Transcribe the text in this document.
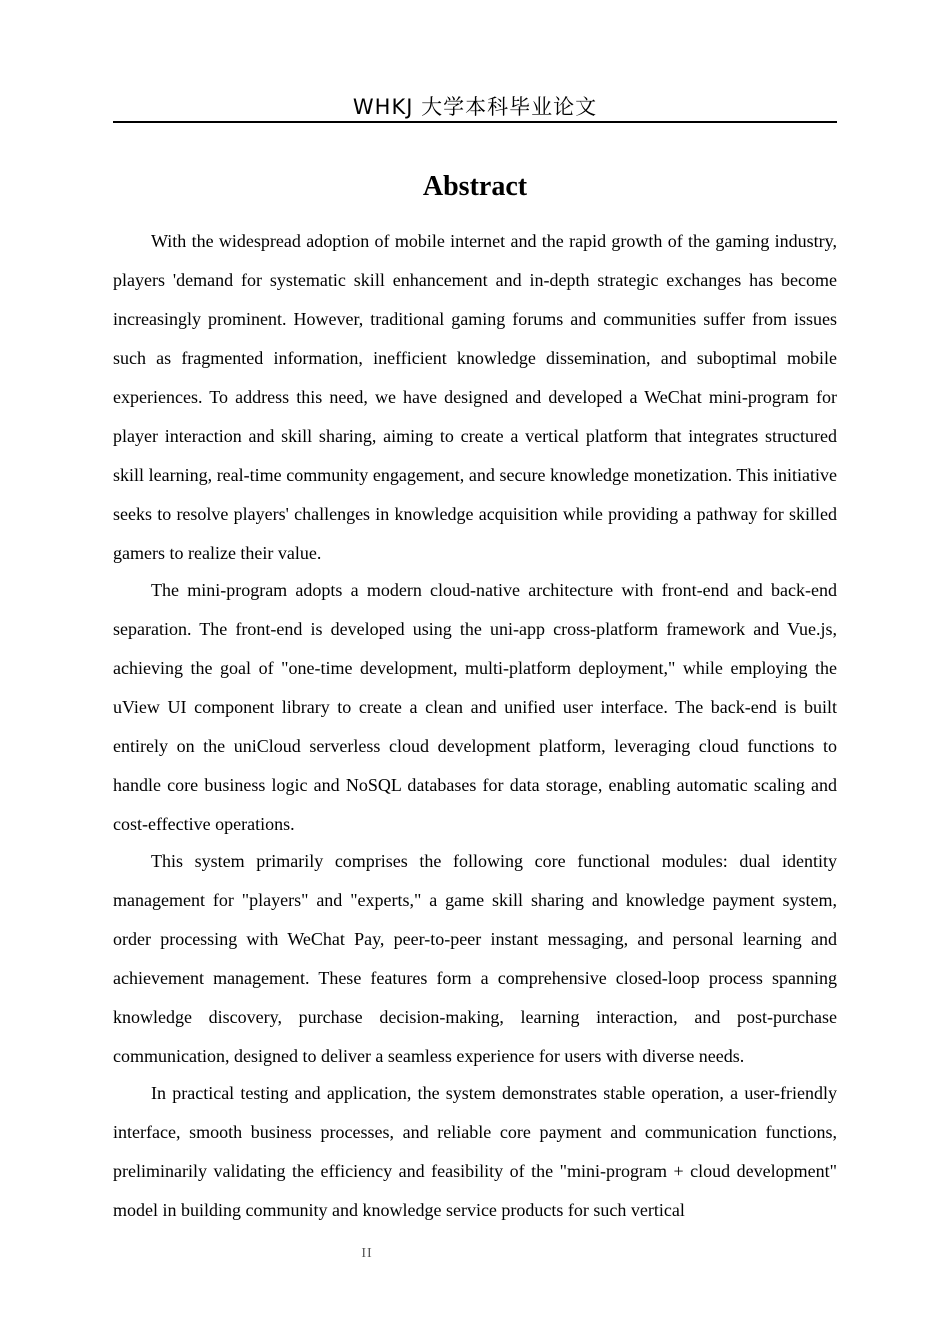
WHKJ 大学本科毕业论文
Abstract

With the widespread adoption of mobile internet and the rapid growth of the gaming industry, players 'demand for systematic skill enhancement and in-depth strategic exchanges has become increasingly prominent. However, traditional gaming forums and communities suffer from issues such as fragmented information, inefficient knowledge dissemination, and suboptimal mobile experiences. To address this need, we have designed and developed a WeChat mini-program for player interaction and skill sharing, aiming to create a vertical platform that integrates structured skill learning, real-time community engagement, and secure knowledge monetization. This initiative seeks to resolve players' challenges in knowledge acquisition while providing a pathway for skilled gamers to realize their value.

The mini-program adopts a modern cloud-native architecture with front-end and back-end separation. The front-end is developed using the uni-app cross-platform framework and Vue.js, achieving the goal of "one-time development, multi-platform deployment," while employing the uView UI component library to create a clean and unified user interface. The back-end is built entirely on the uniCloud serverless cloud development platform, leveraging cloud functions to handle core business logic and NoSQL databases for data storage, enabling automatic scaling and cost-effective operations.

This system primarily comprises the following core functional modules: dual identity management for "players" and "experts," a game skill sharing and knowledge payment system, order processing with WeChat Pay, peer-to-peer instant messaging, and personal learning and achievement management. These features form a comprehensive closed-loop process spanning knowledge discovery, purchase decision-making, learning interaction, and post-purchase communication, designed to deliver a seamless experience for users with diverse needs.

In practical testing and application, the system demonstrates stable operation, a user-friendly interface, smooth business processes, and reliable core payment and communication functions, preliminarily validating the efficiency and feasibility of the "mini-program + cloud development" model in building community and knowledge service products for such vertical

II
